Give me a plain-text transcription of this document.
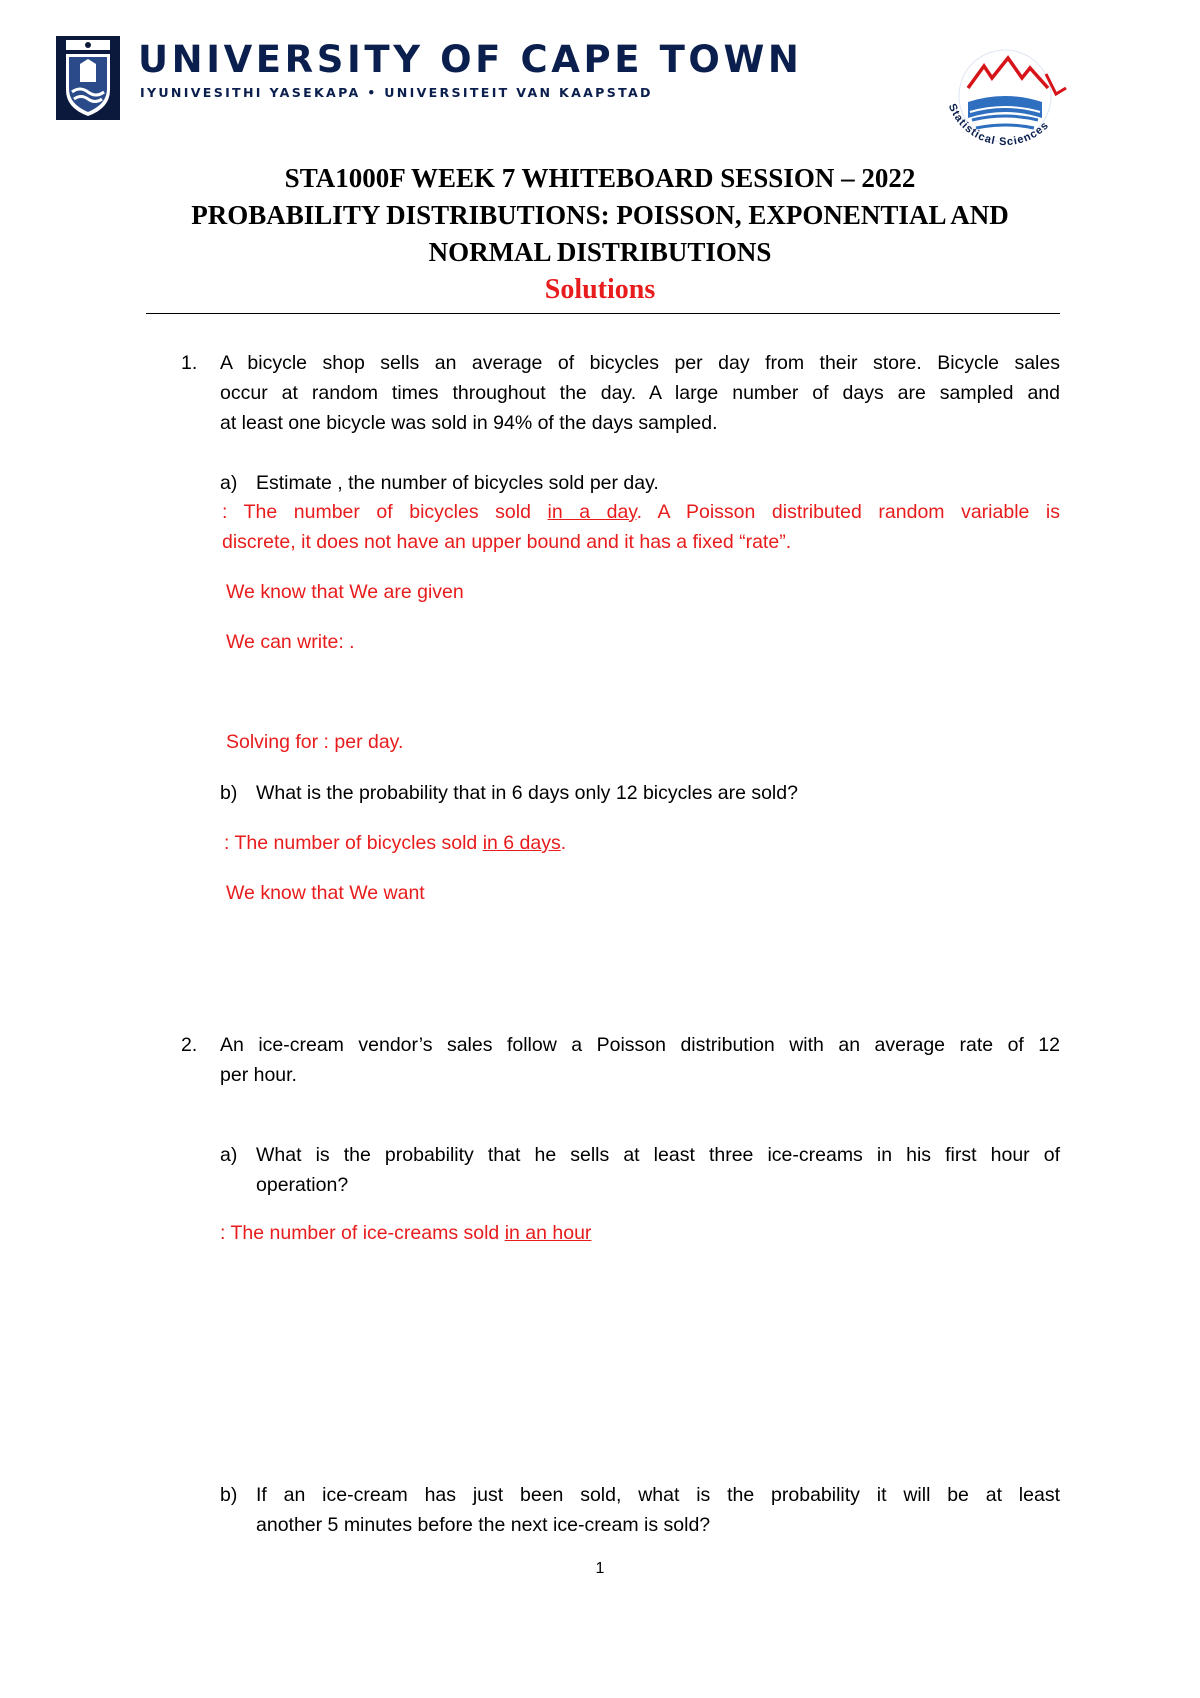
UNIVERSITY OF CAPE TOWN
IYUNIVESITHI YASEKAPA • UNIVERSITEIT VAN KAAPSTAD
Statistical Sciences
STA1000F WEEK 7 WHITEBOARD SESSION – 2022
PROBABILITY DISTRIBUTIONS: POISSON, EXPONENTIAL AND
NORMAL DISTRIBUTIONS
Solutions
1. A bicycle shop sells an average of bicycles per day from their store. Bicycle sales
occur at random times throughout the day. A large number of days are sampled and
at least one bicycle was sold in 94% of the days sampled.
a) Estimate , the number of bicycles sold per day.
: The number of bicycles sold in a day. A Poisson distributed random variable is
discrete, it does not have an upper bound and it has a fixed “rate”.
We know that We are given
We can write: .
Solving for : per day.
b) What is the probability that in 6 days only 12 bicycles are sold?
: The number of bicycles sold in 6 days.
We know that We want
2. An ice-cream vendor’s sales follow a Poisson distribution with an average rate of 12
per hour.
a) What is the probability that he sells at least three ice-creams in his first hour of
operation?
: The number of ice-creams sold in an hour
b) If an ice-cream has just been sold, what is the probability it will be at least
another 5 minutes before the next ice-cream is sold?
1
